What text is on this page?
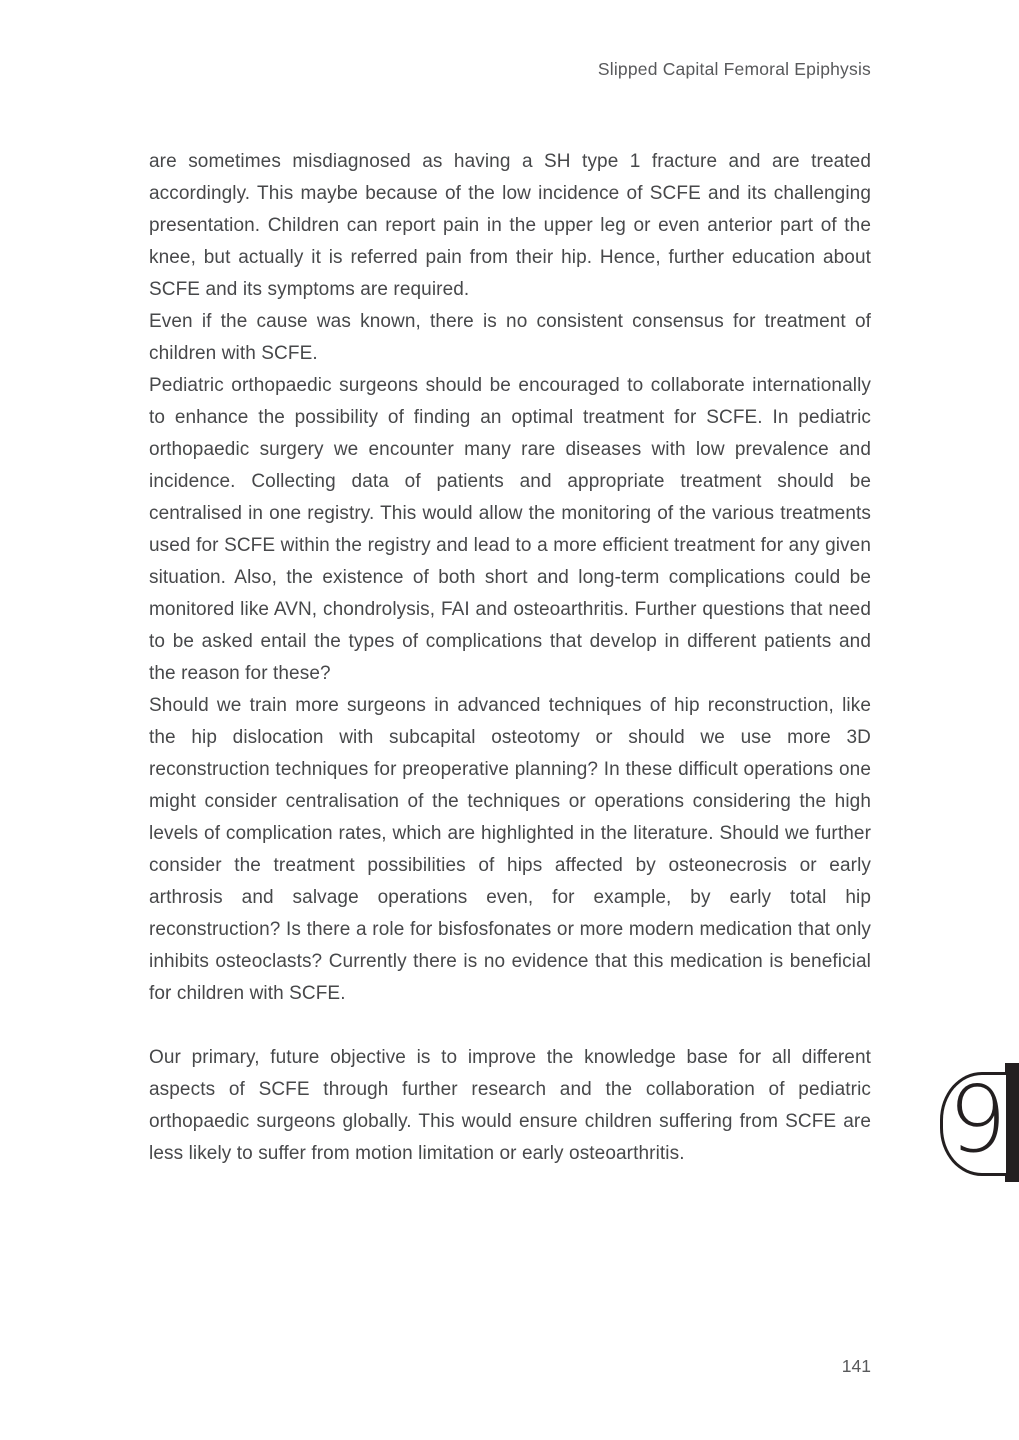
Slipped Capital Femoral Epiphysis

are sometimes misdiagnosed as having a SH type 1 fracture and are treated accordingly. This maybe because of the low incidence of SCFE and its challenging presentation. Children can report pain in the upper leg or even anterior part of the knee, but actually it is referred pain from their hip. Hence, further education about SCFE and its symptoms are required.

Even if the cause was known, there is no consistent consensus for treatment of children with SCFE.

Pediatric orthopaedic surgeons should be encouraged to collaborate internationally to enhance the possibility of finding an optimal treatment for SCFE. In pediatric orthopaedic surgery we encounter many rare diseases with low prevalence and incidence. Collecting data of patients and appropriate treatment should be centralised in one registry. This would allow the monitoring of the various treatments used for SCFE within the registry and lead to a more efficient treatment for any given situation. Also, the existence of both short and long-term complications could be monitored like AVN, chondrolysis, FAI and osteoarthritis. Further questions that need to be asked entail the types of complications that develop in different patients and the reason for these?

Should we train more surgeons in advanced techniques of hip reconstruction, like the hip dislocation with subcapital osteotomy or should we use more 3D reconstruction techniques for preoperative planning? In these difficult operations one might consider centralisation of the techniques or operations considering the high levels of complication rates, which are highlighted in the literature. Should we further consider the treatment possibilities of hips affected by osteonecrosis or early arthrosis and salvage operations even, for example, by early total hip reconstruction? Is there a role for bisfosfonates or more modern medication that only inhibits osteoclasts? Currently there is no evidence that this medication is beneficial for children with SCFE.

Our primary, future objective is to improve the knowledge base for all different aspects of SCFE through further research and the collaboration of pediatric orthopaedic surgeons globally. This would ensure children suffering from SCFE are less likely to suffer from motion limitation or early osteoarthritis.	9
141
